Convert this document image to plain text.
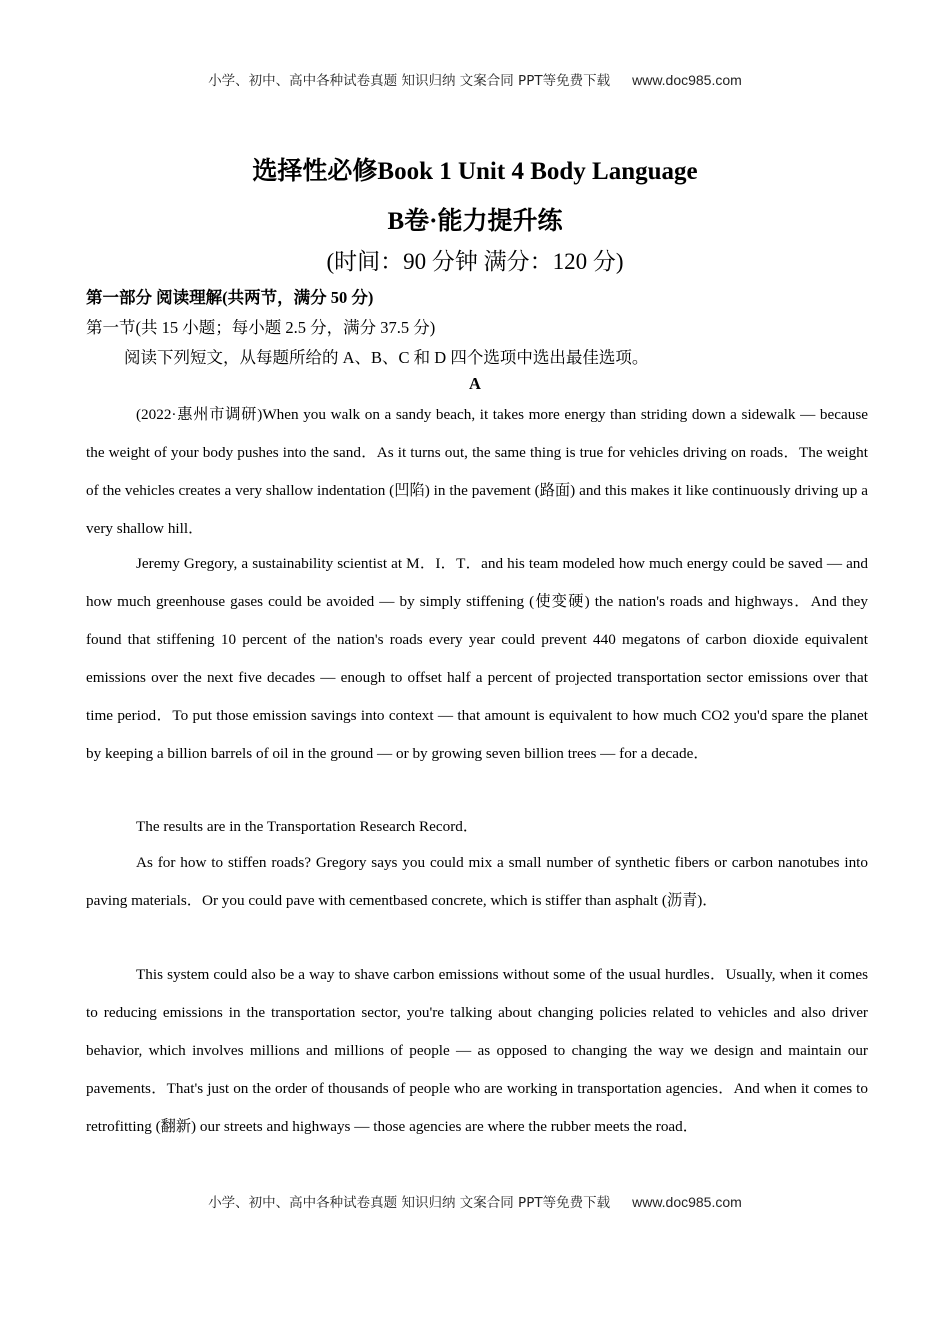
小学、初中、高中各种试卷真题 知识归纳 文案合同 PPT等免费下载 www.doc985.com
选择性必修Book 1 Unit 4 Body Language
B卷·能力提升练
(时间：90 分钟 满分：120 分)
第一部分 阅读理解(共两节，满分 50 分)
第一节(共 15 小题；每小题 2.5 分，满分 37.5 分)
阅读下列短文，从每题所给的 A、B、C 和 D 四个选项中选出最佳选项。
A

(2022·惠州市调研)When you walk on a sandy beach, it takes more energy than striding down a sidewalk — because the weight of your body pushes into the sand．As it turns out, the same thing is true for vehicles driving on roads．The weight of the vehicles creates a very shallow indentation (凹陷) in the pavement (路面) and this makes it like continuously driving up a very shallow hill．

Jeremy Gregory, a sustainability scientist at M．I．T．and his team modeled how much energy could be saved — and how much greenhouse gases could be avoided — by simply stiffening (使变硬) the nation's roads and highways．And they found that stiffening 10 percent of the nation's roads every year could prevent 440 megatons of carbon dioxide equivalent emissions over the next five decades — enough to offset half a percent of projected transportation sector emissions over that time period．To put those emission savings into context — that amount is equivalent to how much CO2 you'd spare the planet by keeping a billion barrels of oil in the ground — or by growing seven billion trees — for a decade．

The results are in the Transportation Research Record．

As for how to stiffen roads? Gregory says you could mix a small number of synthetic fibers or carbon nanotubes into paving materials．Or you could pave with cementbased concrete, which is stiffer than asphalt (沥青)．

This system could also be a way to shave carbon emissions without some of the usual hurdles．Usually, when it comes to reducing emissions in the transportation sector, you're talking about changing policies related to vehicles and also driver behavior, which involves millions and millions of people — as opposed to changing the way we design and maintain our pavements．That's just on the order of thousands of people who are working in transportation agencies．And when it comes to retrofitting (翻新) our streets and highways — those agencies are where the rubber meets the road．

小学、初中、高中各种试卷真题 知识归纳 文案合同 PPT等免费下载 www.doc985.com
